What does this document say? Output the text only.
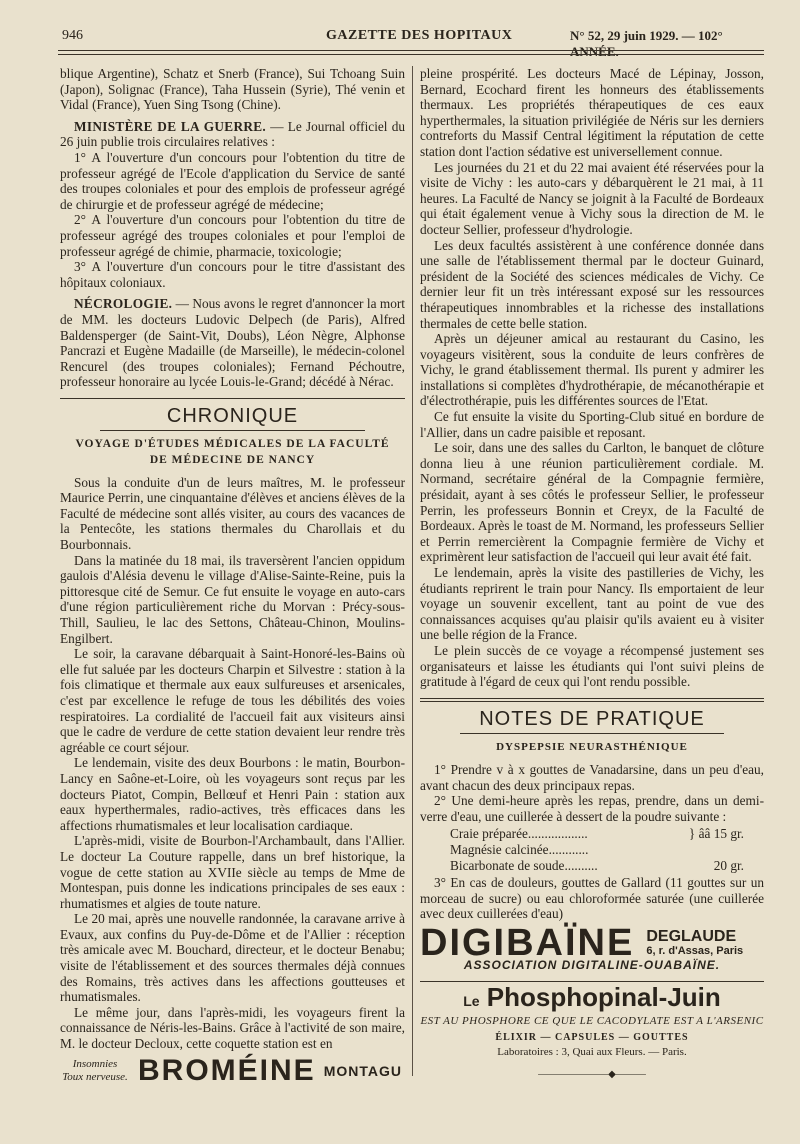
946	GAZETTE DES HOPITAUX	N° 52, 29 juin 1929. — 102° ANNÉE.

blique Argentine), Schatz et Snerb (France), Sui Tchoang Suin (Japon), Solignac (France), Taha Hussein (Syrie), Thé venin et Vidal (France), Yuen Sing Tsong (Chine).

MINISTÈRE DE LA GUERRE. — Le Journal officiel du 26 juin publie trois circulaires relatives :

1° A l'ouverture d'un concours pour l'obtention du titre de professeur agrégé de l'Ecole d'application du Service de santé des troupes coloniales et pour des emplois de professeur agrégé de chirurgie et de professeur agrégé de médecine;

2° A l'ouverture d'un concours pour l'obtention du titre de professeur agrégé des troupes coloniales et pour l'emploi de professeur agrégé de chimie, pharmacie, toxicologie;

3° A l'ouverture d'un concours pour le titre d'assistant des hôpitaux coloniaux.

NÉCROLOGIE. — Nous avons le regret d'annoncer la mort de MM. les docteurs Ludovic Delpech (de Paris), Alfred Baldensperger (de Saint-Vit, Doubs), Léon Nègre, Alphonse Pancrazi et Eugène Madaille (de Marseille), le médecin-colonel Rencurel (des troupes coloniales); Fernand Péchoutre, professeur honoraire au lycée Louis-le-Grand; décédé à Nérac.

CHRONIQUE
VOYAGE D'ÉTUDES MÉDICALES DE LA FACULTÉ
DE MÉDECINE DE NANCY

Sous la conduite d'un de leurs maîtres, M. le professeur Maurice Perrin, une cinquantaine d'élèves et anciens élèves de la Faculté de médecine sont allés visiter, au cours des vacances de la Pentecôte, les stations thermales du Charollais et du Bourbonnais.

Dans la matinée du 18 mai, ils traversèrent l'ancien oppidum gaulois d'Alésia devenu le village d'Alise-Sainte-Reine, puis la pittoresque cité de Semur. Ce fut ensuite le voyage en auto-cars d'une région particulièrement riche du Morvan : Précy-sous-Thill, Saulieu, le lac des Settons, Château-Chinon, Moulins-Engilbert.

Le soir, la caravane débarquait à Saint-Honoré-les-Bains où elle fut saluée par les docteurs Charpin et Silvestre : station à la fois climatique et thermale aux eaux sulfureuses et arsenicales, c'est par excellence le refuge de tous les débilités des voies respiratoires. La cordialité de l'accueil fait aux visiteurs ainsi que le cadre de verdure de cette station devaient leur rendre très agréable ce court séjour.

Le lendemain, visite des deux Bourbons : le matin, Bourbon-Lancy en Saône-et-Loire, où les voyageurs sont reçus par les docteurs Piatot, Compin, Bellœuf et Henri Pain : station aux eaux hyperthermales, radio-actives, très efficaces dans les affections rhumatismales et leur localisation cardiaque.

L'après-midi, visite de Bourbon-l'Archambault, dans l'Allier. Le docteur La Couture rappelle, dans un bref historique, la vogue de cette station au XVIIe siècle au temps de Mme de Montespan, puis donne les indications principales de ses eaux : rhumatismes et algies de toute nature.

Le 20 mai, après une nouvelle randonnée, la caravane arrive à Evaux, aux confins du Puy-de-Dôme et de l'Allier : réception très amicale avec M. Bouchard, directeur, et le docteur Benabu; visite de l'établissement et des sources thermales déjà connues des Romains, très actives dans les affections goutteuses et rhumatismales.

Le même jour, dans l'après-midi, les voyageurs firent la connaissance de Néris-les-Bains. Grâce à l'activité de son maire, M. le docteur Decloux, cette coquette station est en

Insomnies
Toux nerveuse. BROMÉINE MONTAGU

pleine prospérité. Les docteurs Macé de Lépinay, Josson, Bernard, Ecochard firent les honneurs des établissements thermaux. Les propriétés thérapeutiques de ces eaux hyperthermales, la situation privilégiée de Néris sur les derniers contreforts du Massif Central légitiment la réputation de cette station dont l'action sédative est universellement connue.

Les journées du 21 et du 22 mai avaient été réservées pour la visite de Vichy : les auto-cars y débarquèrent le 21 mai, à 11 heures. La Faculté de Nancy se joignit à la Faculté de Bordeaux qui était également venue à Vichy sous la direction de M. le docteur Sellier, professeur d'hydrologie.

Les deux facultés assistèrent à une conférence donnée dans une salle de l'établissement thermal par le docteur Guinard, président de la Société des sciences médicales de Vichy. Ce dernier leur fit un très intéressant exposé sur les ressources thérapeutiques innombrables et la richesse des installations thermales de cette belle station.

Après un déjeuner amical au restaurant du Casino, les voyageurs visitèrent, sous la conduite de leurs confrères de Vichy, le grand établissement thermal. Ils purent y admirer les installations si complètes d'hydrothérapie, de mécanothérapie et d'électrothérapie, puis les différentes sources de l'Etat.

Ce fut ensuite la visite du Sporting-Club situé en bordure de l'Allier, dans un cadre paisible et reposant.

Le soir, dans une des salles du Carlton, le banquet de clôture donna lieu à une réunion particulièrement cordiale. M. Normand, secrétaire général de la Compagnie fermière, présidait, ayant à ses côtés le professeur Sellier, le professeur Perrin, les professeurs Bonnin et Creyx, de la Faculté de Bordeaux. Après le toast de M. Normand, les professeurs Sellier et Perrin remercièrent la Compagnie fermière de Vichy et exprimèrent leur satisfaction de l'accueil qui leur avait été fait.

Le lendemain, après la visite des pastilleries de Vichy, les étudiants reprirent le train pour Nancy. Ils emportaient de leur voyage un souvenir excellent, tant au point de vue des connaissances acquises qu'au plaisir qu'ils avaient eu à visiter une belle région de la France.

Le plein succès de ce voyage a récompensé justement ses organisateurs et laisse les étudiants qui l'ont suivi pleins de gratitude à l'égard de ceux qui l'ont rendu possible.

NOTES DE PRATIQUE
DYSPEPSIE NEURASTHÉNIQUE

1° Prendre v à x gouttes de Vanadarsine, dans un peu d'eau, avant chacun des deux principaux repas.

2° Une demi-heure après les repas, prendre, dans un demi-verre d'eau, une cuillerée à dessert de la poudre suivante :

Craie préparée..................	} ââ 15 gr.
Magnésie calcinée............
Bicarbonate de soude..........	20 gr.

3° En cas de douleurs, gouttes de Gallard (11 gouttes sur un morceau de sucre) ou eau chloroformée saturée (une cuillerée avec deux cuillerées d'eau)

DIGIBAÏNE DEGLAUDE
6, r. d'Assas, Paris
ASSOCIATION DIGITALINE-OUABAÏNE.
Le Phosphopinal-Juin
EST AU PHOSPHORE CE QUE LE CACODYLATE EST A L'ARSENIC
ÉLIXIR — CAPSULES — GOUTTES
Laboratoires : 3, Quai aux Fleurs. — Paris.
———————◆———
